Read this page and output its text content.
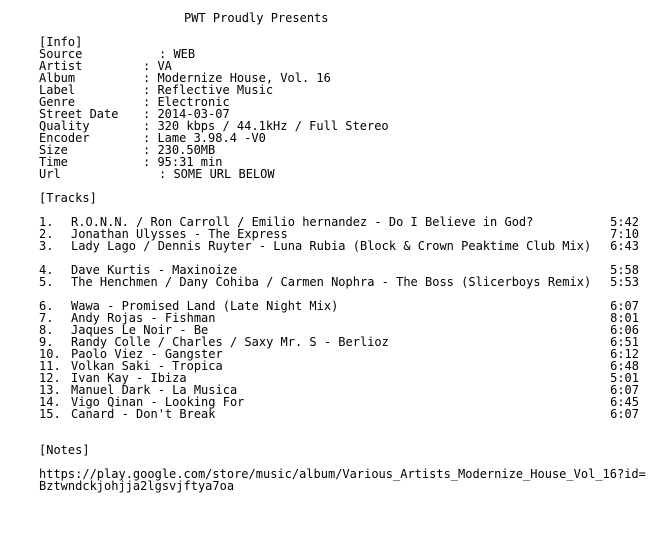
PWT Proudly Presents
[Info]
Source	: WEB
Artist	: VA
Album	: Modernize House, Vol. 16
Label	: Reflective Music
Genre	: Electronic
Street Date : 2014-03-07
Quality	: 320 kbps / 44.1kHz / Full Stereo
Encoder	: Lame 3.98.4 -V0
Size	: 230.50MB
Time	: 95:31 min
Url	: SOME URL BELOW
[Tracks]
1. R.O.N.N. / Ron Carroll / Emilio hernandez - Do I Believe in God?	5:42
2. Jonathan Ulysses - The Express	7:10
3. Lady Lago / Dennis Ruyter - Luna Rubia (Block & Crown Peaktime Club Mix)	6:43
4. Dave Kurtis - Maxinoize	5:58
5. The Henchmen / Dany Cohiba / Carmen Nophra - The Boss (Slicerboys Remix)	5:53
6. Wawa - Promised Land (Late Night Mix)	6:07
7. Andy Rojas - Fishman	8:01
8. Jaques Le Noir - Be	6:06
9. Randy Colle / Charles / Saxy Mr. S - Berlioz	6:51
10. Paolo Viez - Gangster	6:12
11. Volkan Saki - Tropica	6:48
12. Ivan Kay - Ibiza	5:01
13. Manuel Dark - La Musica	6:07
14. Vigo Qinan - Looking For	6:45
15. Canard - Don't Break	6:07
[Notes]
https://play.google.com/store/music/album/Various_Artists_Modernize_House_Vol_16?id=Bztwndckjohjja2lgsvjftya7oa
